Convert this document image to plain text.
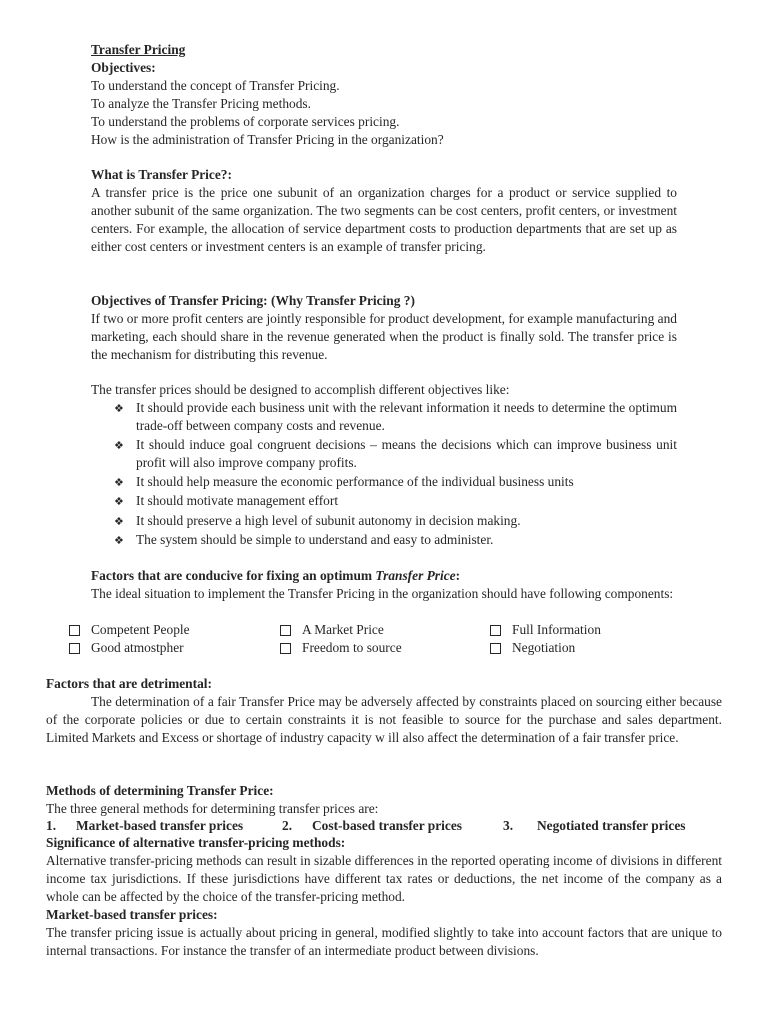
Transfer Pricing
Objectives:
To understand the concept of Transfer Pricing.
To analyze the Transfer Pricing methods.
To understand the problems of corporate services pricing.
How is the administration of Transfer Pricing in the organization?
What is Transfer Price?:
A transfer price is the price one subunit of an organization charges for a product or service supplied to another subunit of the same organization. The two segments can be cost centers, profit centers, or investment centers. For example, the allocation of service department costs to production departments that are set up as either cost centers or investment centers is an example of transfer pricing.
Objectives of Transfer Pricing: (Why Transfer Pricing ?)
If two or more profit centers are jointly responsible for product development, for example manufacturing and marketing, each should share in the revenue generated when the product is finally sold. The transfer price is the mechanism for distributing this revenue.
The transfer prices should be designed to accomplish different objectives like:
❖ It should provide each business unit with the relevant information it needs to determine the optimum trade-off between company costs and revenue.
❖ It should induce goal congruent decisions – means the decisions which can improve business unit profit will also improve company profits.
❖ It should help measure the economic performance of the individual business units
❖ It should motivate management effort
❖ It should preserve a high level of subunit autonomy in decision making.
❖ The system should be simple to understand and easy to administer.
Factors that are conducive for fixing an optimum Transfer Price:
The ideal situation to implement the Transfer Pricing in the organization should have following components:
Competent People	A Market Price	Full Information
Good atmostpher	Freedom to source	Negotiation
Factors that are detrimental:
The determination of a fair Transfer Price may be adversely affected by constraints placed on sourcing either because of the corporate policies or due to certain constraints it is not feasible to source for the purchase and sales department. Limited Markets and Excess or shortage of industry capacity w ill also affect the determination of a fair transfer price.
Methods of determining Transfer Price:
The three general methods for determining transfer prices are:
1. Market-based transfer prices	2. Cost-based transfer prices	3. Negotiated transfer prices
Significance of alternative transfer-pricing methods:
Alternative transfer-pricing methods can result in sizable differences in the reported operating income of divisions in different income tax jurisdictions. If these jurisdictions have different tax rates or deductions, the net income of the company as a whole can be affected by the choice of the transfer-pricing method.
Market-based transfer prices:
The transfer pricing issue is actually about pricing in general, modified slightly to take into account factors that are unique to internal transactions. For instance the transfer of an intermediate product between divisions.
